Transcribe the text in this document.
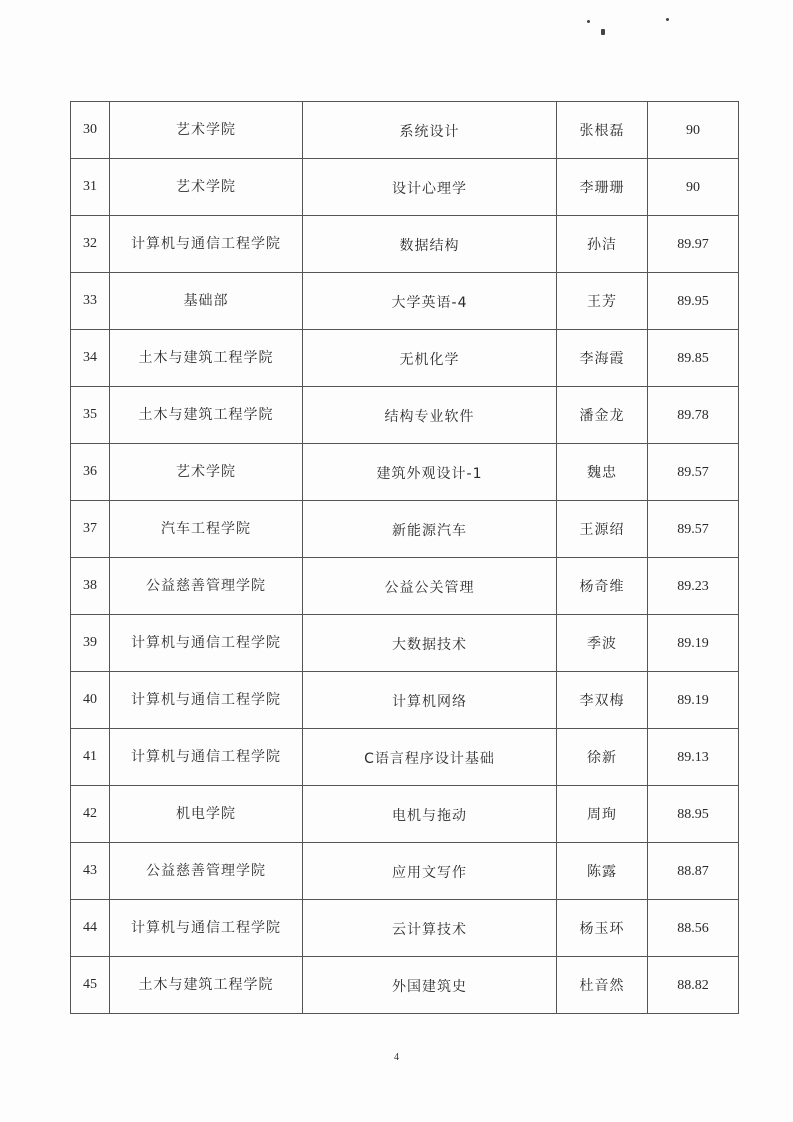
30	艺术学院	系统设计	张根磊	90
31	艺术学院	设计心理学	李珊珊	90
32	计算机与通信工程学院	数据结构	孙洁	89.97
33	基础部	大学英语-4	王芳	89.95
34	土木与建筑工程学院	无机化学	李海霞	89.85
35	土木与建筑工程学院	结构专业软件	潘金龙	89.78
36	艺术学院	建筑外观设计-1	魏忠	89.57
37	汽车工程学院	新能源汽车	王源绍	89.57
38	公益慈善管理学院	公益公关管理	杨奇维	89.23
39	计算机与通信工程学院	大数据技术	季波	89.19
40	计算机与通信工程学院	计算机网络	李双梅	89.19
41	计算机与通信工程学院	C语言程序设计基础	徐新	89.13
42	机电学院	电机与拖动	周珣	88.95
43	公益慈善管理学院	应用文写作	陈露	88.87
44	计算机与通信工程学院	云计算技术	杨玉环	88.56
45	土木与建筑工程学院	外国建筑史	杜音然	88.82
4
